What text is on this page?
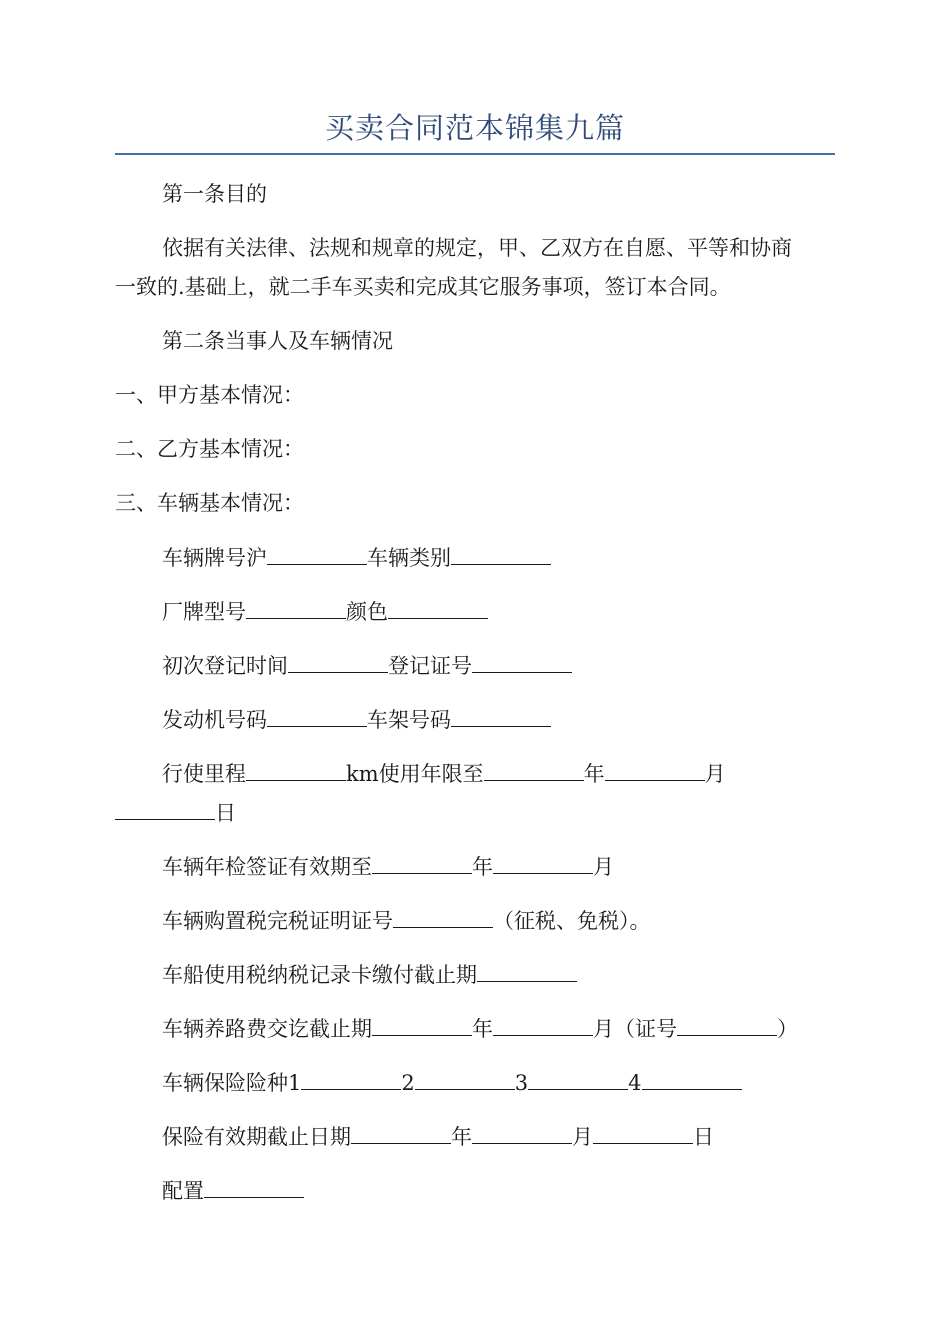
买卖合同范本锦集九篇
第一条目的
依据有关法律、法规和规章的规定，甲、乙双方在自愿、平等和协商
一致的.基础上，就二手车买卖和完成其它服务事项，签订本合同。
第二条当事人及车辆情况
一、甲方基本情况：
二、乙方基本情况：
三、车辆基本情况：
车辆牌号沪	车辆类别
厂牌型号	颜色
初次登记时间	登记证号
发动机号码	车架号码
行使里程	km使用年限至	年	月
日
车辆年检签证有效期至	年	月
车辆购置税完税证明证号	（征税、免税）。
车船使用税纳税记录卡缴付截止期
车辆养路费交讫截止期	年	月（证号	）
车辆保险险种1	2	3	4
保险有效期截止日期	年	月	日
配置
